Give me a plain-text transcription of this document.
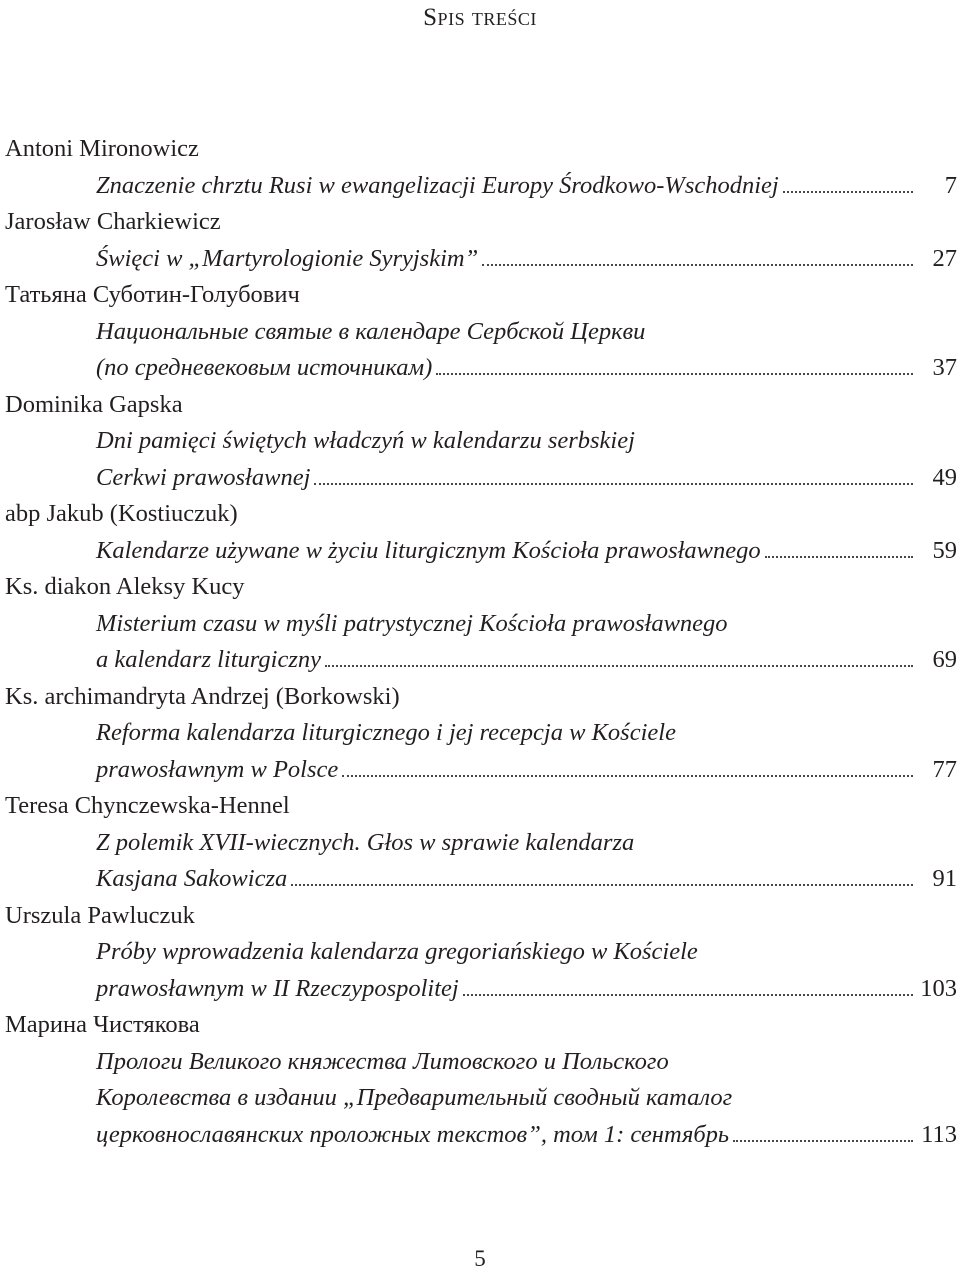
Spis treści
Antoni Mironowicz
Znaczenie chrztu Rusi w ewangelizacji Europy Środkowo-Wschodniej	7
Jarosław Charkiewicz
Święci w „Martyrologionie Syryjskim”	27
Татьяна Суботин-Голубович
Национальные святые в календаре Сербской Церкви
(по средневековым источникам)	37
Dominika Gapska
Dni pamięci świętych władczyń w kalendarzu serbskiej
Cerkwi prawosławnej	49
abp Jakub (Kostiuczuk)
Kalendarze używane w życiu liturgicznym Kościoła prawosławnego	59
Ks. diakon Aleksy Kucy
Misterium czasu w myśli patrystycznej Kościoła prawosławnego
a kalendarz liturgiczny	69
Ks. archimandryta Andrzej (Borkowski)
Reforma kalendarza liturgicznego i jej recepcja w Kościele
prawosławnym w Polsce	77
Teresa Chynczewska-Hennel
Z polemik XVII-wiecznych. Głos w sprawie kalendarza
Kasjana Sakowicza	91
Urszula Pawluczuk
Próby wprowadzenia kalendarza gregoriańskiego w Kościele
prawosławnym w II Rzeczypospolitej	103
Марина Чистякова
Прологи Великого княжества Литовского и Польского
Королевства в издании „Предварительный сводный каталог
церковнославянских проложных текстов”, том 1: сентябрь	113
5
